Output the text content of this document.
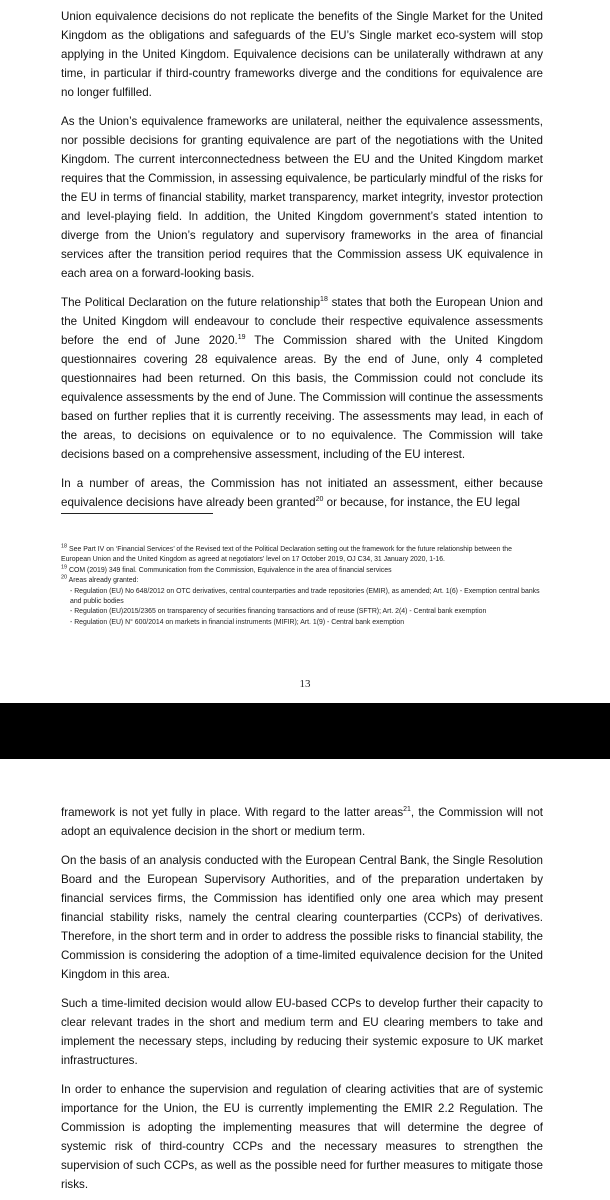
Union equivalence decisions do not replicate the benefits of the Single Market for the United Kingdom as the obligations and safeguards of the EU’s Single market eco-system will stop applying in the United Kingdom. Equivalence decisions can be unilaterally withdrawn at any time, in particular if third-country frameworks diverge and the conditions for equivalence are no longer fulfilled.

As the Union’s equivalence frameworks are unilateral, neither the equivalence assessments, nor possible decisions for granting equivalence are part of the negotiations with the United Kingdom. The current interconnectedness between the EU and the United Kingdom market requires that the Commission, in assessing equivalence, be particularly mindful of the risks for the EU in terms of financial stability, market transparency, market integrity, investor protection and level-playing field. In addition, the United Kingdom government’s stated intention to diverge from the Union’s regulatory and supervisory frameworks in the area of financial services after the transition period requires that the Commission assess UK equivalence in each area on a forward-looking basis.

The Political Declaration on the future relationship$^{18}$ states that both the European Union and the United Kingdom will endeavour to conclude their respective equivalence assessments before the end of June 2020.19 The Commission shared with the United Kingdom questionnaires covering 28 equivalence areas. By the end of June, only 4 completed questionnaires had been returned. On this basis, the Commission could not conclude its equivalence assessments by the end of June. The Commission will continue the assessments based on further replies that it is currently receiving. The assessments may lead, in each of the areas, to decisions on equivalence or to no equivalence. The Commission will take decisions based on a comprehensive assessment, including of the EU interest.

In a number of areas, the Commission has not initiated an assessment, either because equivalence decisions have already been granted$^{20}$ or because, for instance, the EU legal

$^{18}$ See Part IV on ‘Financial Services’ of the Revised text of the Political Declaration setting out the framework for the future relationship between the European Union and the United Kingdom as agreed at negotiators’ level on 17 October 2019, OJ C34, 31 January 2020, 1-16.

$^{19}$ COM (2019) 349 final. Communication from the Commission, Equivalence in the area of financial services

$^{20}$ Areas already granted:

- Regulation (EU) No 648/2012 on OTC derivatives, central counterparties and trade repositories (EMIR), as amended; Art. 1(6) - Exemption central banks and public bodies

- Regulation (EU)2015/2365 on transparency of securities financing transactions and of reuse (SFTR); Art. 2(4) - Central bank exemption

- Regulation (EU) N° 600/2014 on markets in financial instruments (MIFIR); Art. 1(9) - Central bank exemption

13

framework is not yet fully in place. With regard to the latter areas$^{21}$, the Commission will not adopt an equivalence decision in the short or medium term.

On the basis of an analysis conducted with the European Central Bank, the Single Resolution Board and the European Supervisory Authorities, and of the preparation undertaken by financial services firms, the Commission has identified only one area which may present financial stability risks, namely the central clearing counterparties (CCPs) of derivatives. Therefore, in the short term and in order to address the possible risks to financial stability, the Commission is considering the adoption of a time-limited equivalence decision for the United Kingdom in this area.

Such a time-limited decision would allow EU-based CCPs to develop further their capacity to clear relevant trades in the short and medium term and EU clearing members to take and implement the necessary steps, including by reducing their systemic exposure to UK market infrastructures.

In order to enhance the supervision and regulation of clearing activities that are of systemic importance for the Union, the EU is currently implementing the EMIR 2.2 Regulation. The Commission is adopting the implementing measures that will determine the degree of systemic risk of third-country CCPs and the necessary measures to strengthen the supervision of such CCPs, as well as the possible need for further measures to mitigate those risks.
